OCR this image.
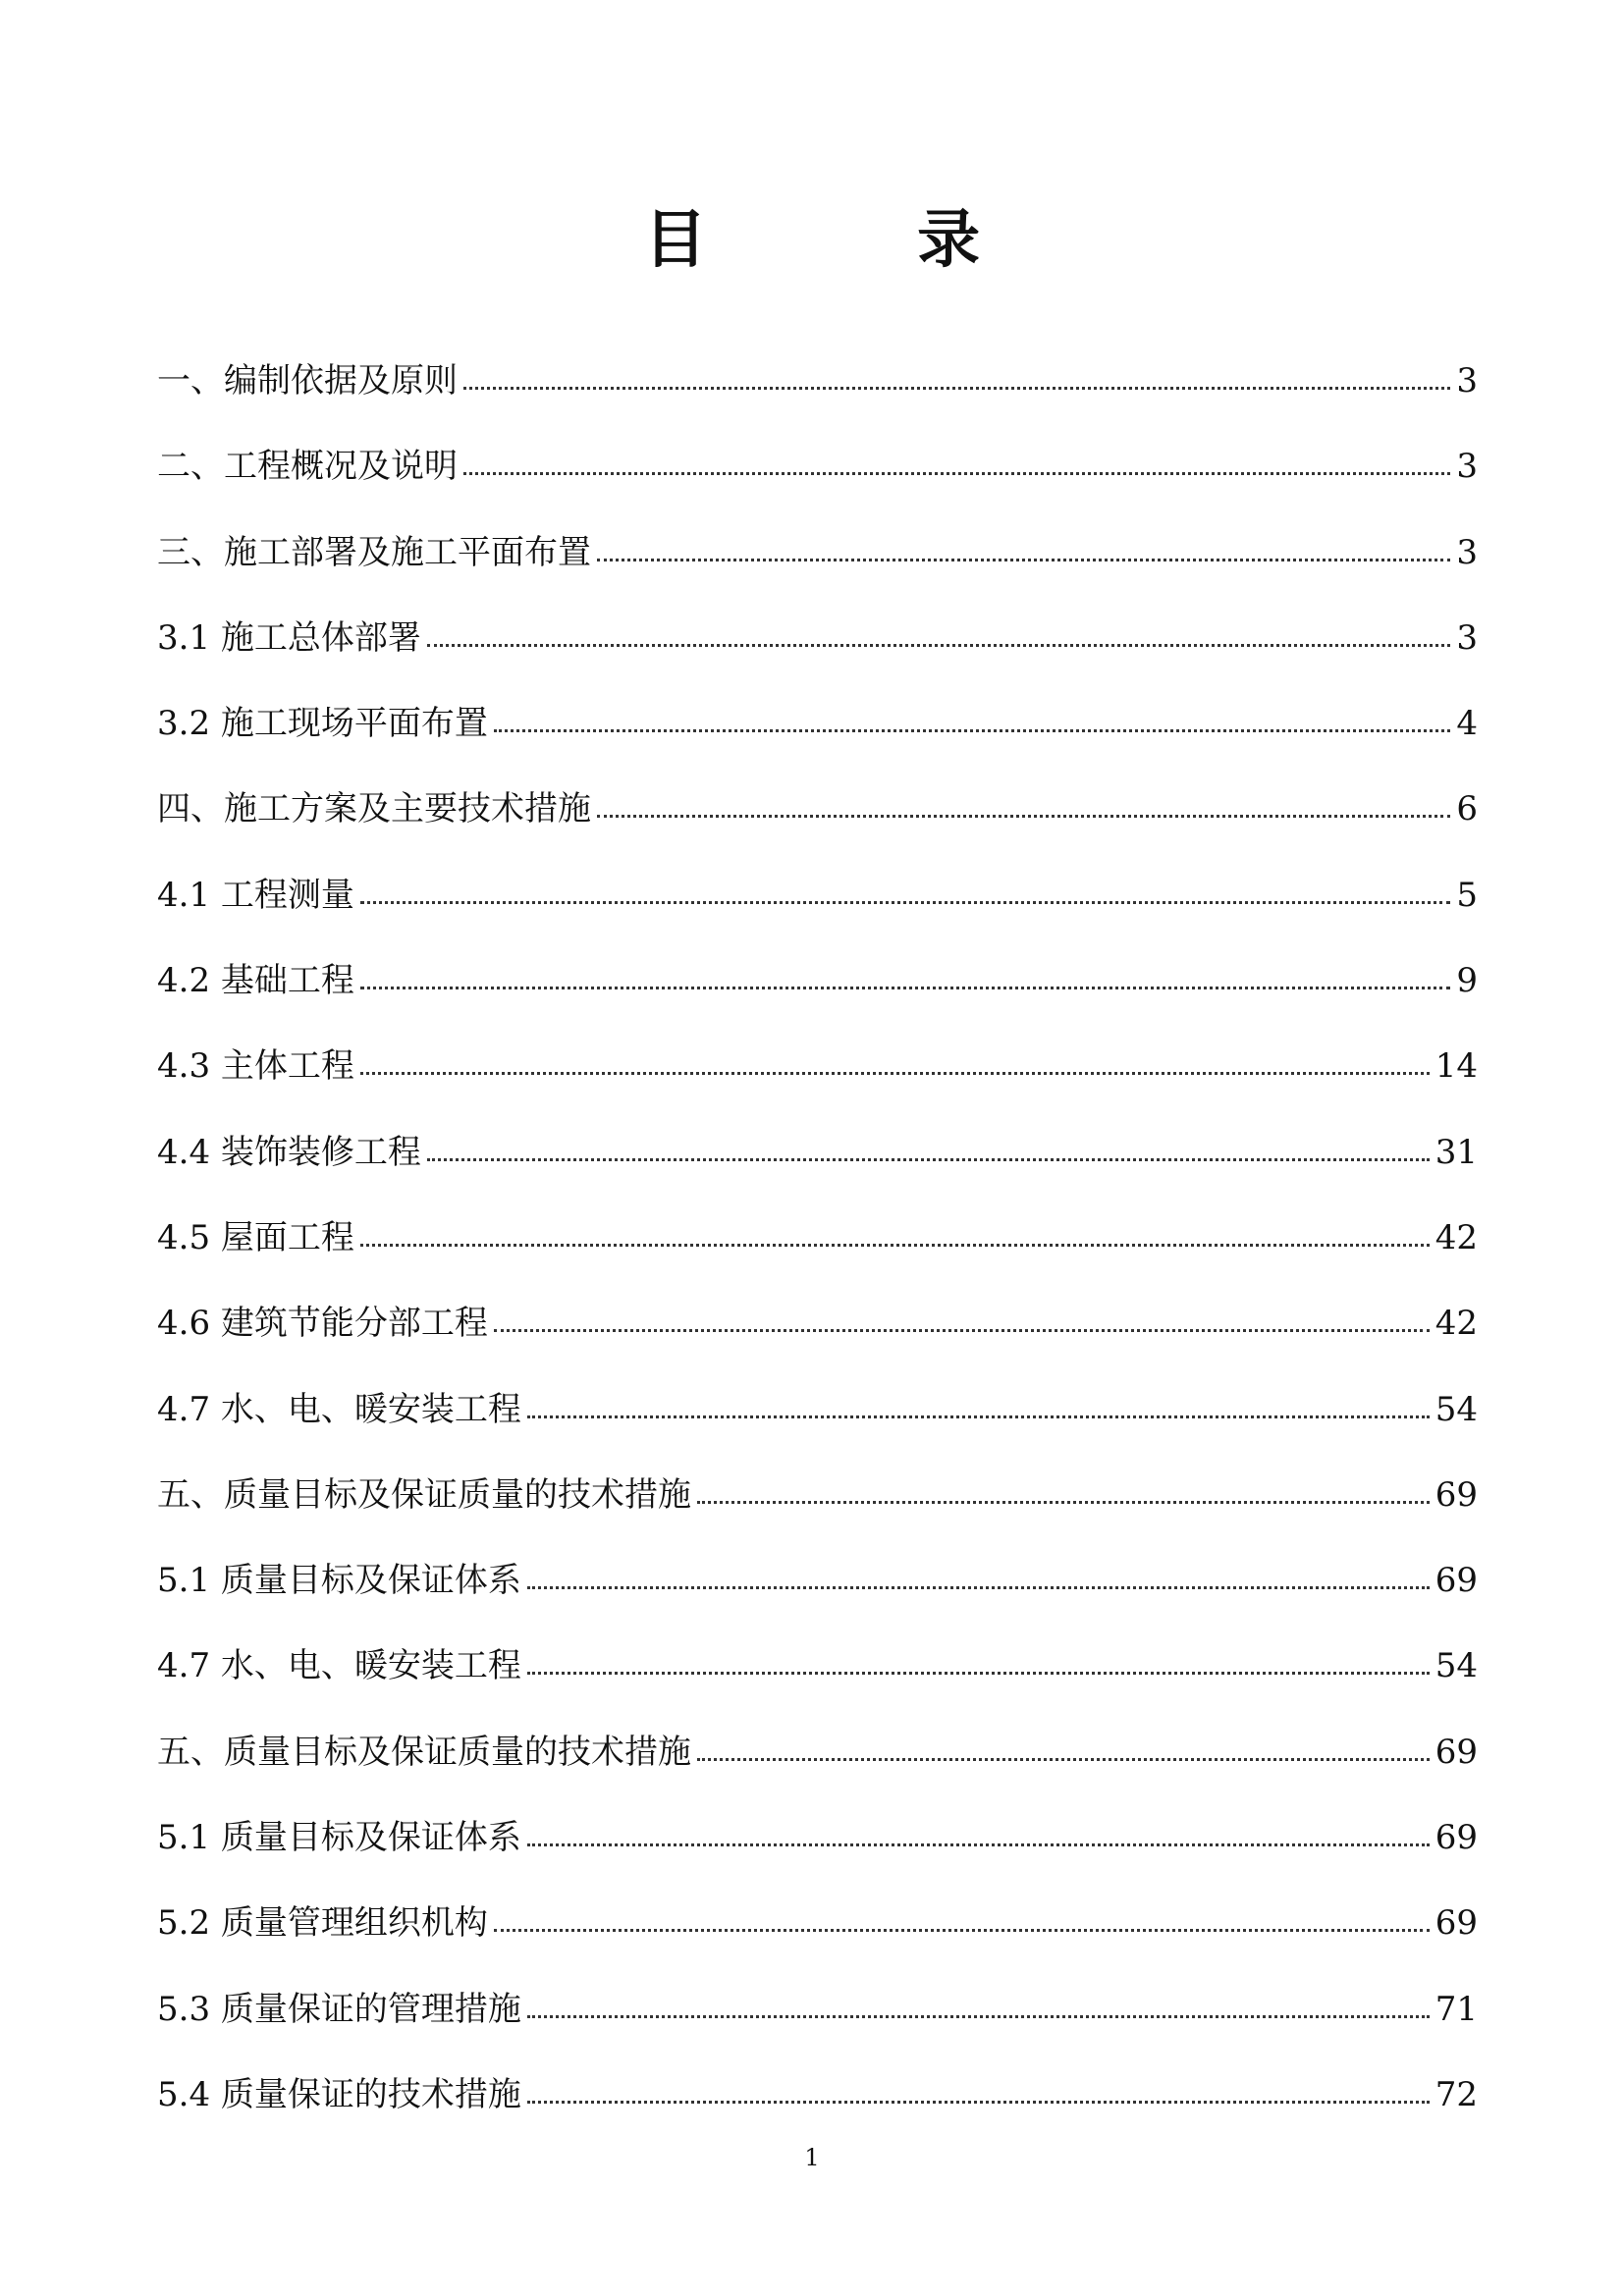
目 录
一、编制依据及原则	3
二、工程概况及说明	3
三、施工部署及施工平面布置	3
3.1 施工总体部署	3
3.2 施工现场平面布置	4
四、施工方案及主要技术措施	6
4.1 工程测量	5
4.2 基础工程	9
4.3 主体工程	14
4.4 装饰装修工程	31
4.5 屋面工程	42
4.6 建筑节能分部工程	42
4.7 水、电、暖安装工程	54
五、质量目标及保证质量的技术措施	69
5.1 质量目标及保证体系	69
4.7 水、电、暖安装工程	54
五、质量目标及保证质量的技术措施	69
5.1 质量目标及保证体系	69
5.2 质量管理组织机构	69
5.3 质量保证的管理措施	71
5.4 质量保证的技术措施	72
1
